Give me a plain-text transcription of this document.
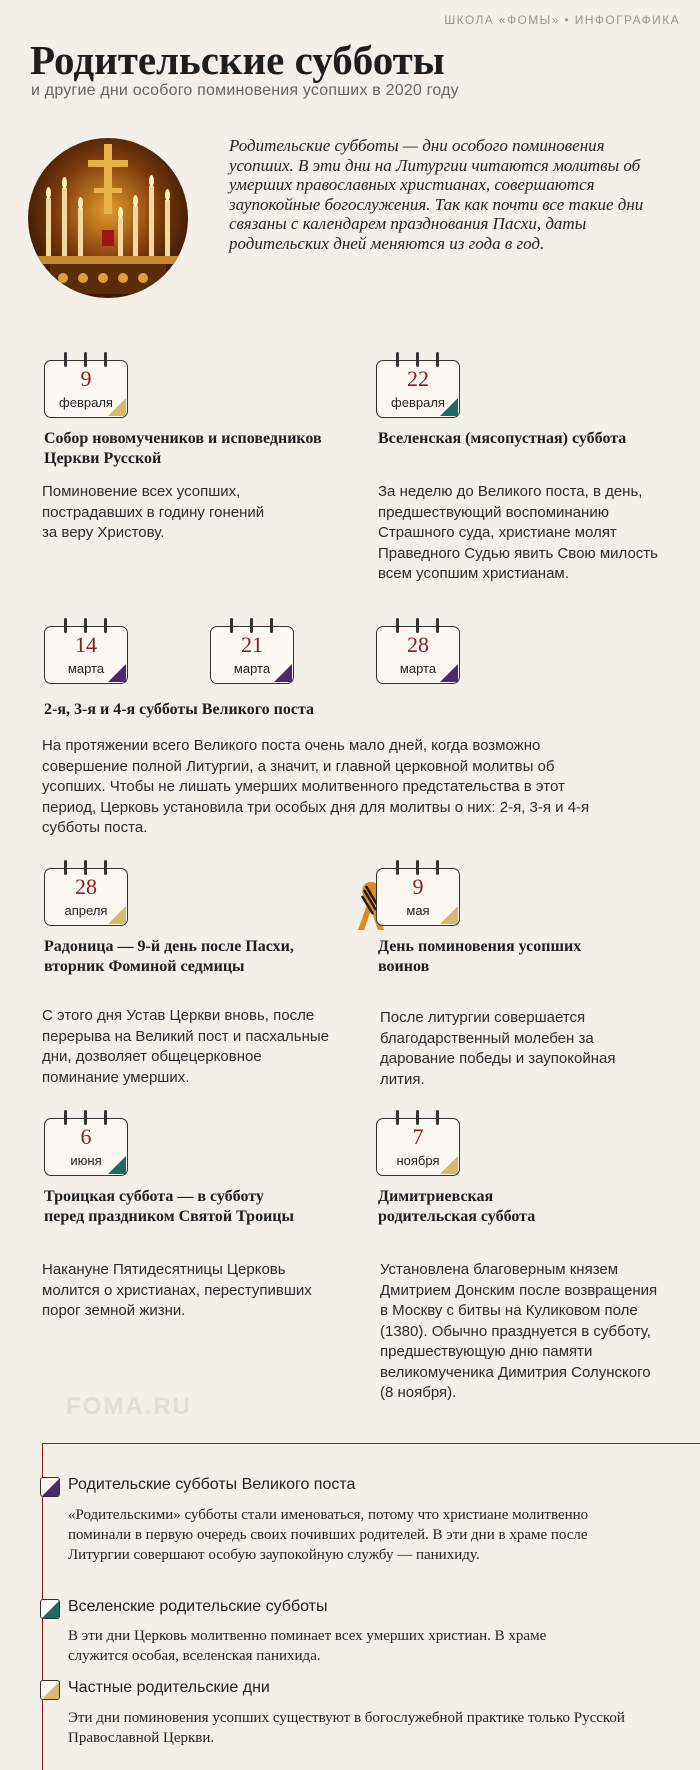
ШКОЛА «ФОМЫ» • ИНФОГРАФИКА
Родительские субботы
и другие дни особого поминовения усопших в 2020 году
Родительские субботы — дни особого поминовения усопших. В эти дни на Литургии читаются молитвы об умерших православных христианах, совершаются заупокойные богослужения. Так как почти все такие дни связаны с календарем празднования Пасхи, даты родительских дней меняются из года в год.
9
февраля
Собор новомучеников и исповедников Церкви Русской
Поминовение всех усопших, пострадавших в годину гонений за веру Христову.
22
февраля
Вселенская (мясопустная) суббота
За неделю до Великого поста, в день, предшествующий воспоминанию Страшного суда, христиане молят Праведного Судью явить Свою милость всем усопшим христианам.
14
марта
21
марта
28
марта
2-я, 3-я и 4-я субботы Великого поста
На протяжении всего Великого поста очень мало дней, когда возможно совершение полной Литургии, а значит, и главной церковной молитвы об усопших. Чтобы не лишать умерших молитвенного предстательства в этот период, Церковь установила три особых дня для молитвы о них: 2-я, 3-я и 4-я субботы поста.
28
апреля
Радоница — 9-й день после Пасхи, вторник Фоминой седмицы
С этого дня Устав Церкви вновь, после перерыва на Великий пост и пасхальные дни, дозволяет общецерковное поминание умерших.
9
мая
День поминовения усопших воинов
После литургии совершается благодарственный молебен за дарование победы и заупокойная лития.
6
июня
Троицкая суббота — в субботу перед праздником Святой Троицы
Накануне Пятидесятницы Церковь молится о христианах, переступивших порог земной жизни.
7
ноября
Димитриевская родительская суббота
Установлена благоверным князем Дмитрием Донским после возвращения в Москву с битвы на Куликовом поле (1380). Обычно празднуется в субботу, предшествующую дню памяти великомученика Димитрия Солунского (8 ноября).
FOMA.RU
Родительские субботы Великого поста
«Родительскими» субботы стали именоваться, потому что христиане молитвенно поминали в первую очередь своих почивших родителей. В эти дни в храме после Литургии совершают особую заупокойную службу — панихиду.
Вселенские родительские субботы
В эти дни Церковь молитвенно поминает всех умерших христиан. В храме служится особая, вселенская панихида.
Частные родительские дни
Эти дни поминовения усопших существуют в богослужебной практике только Русской Православной Церкви.
